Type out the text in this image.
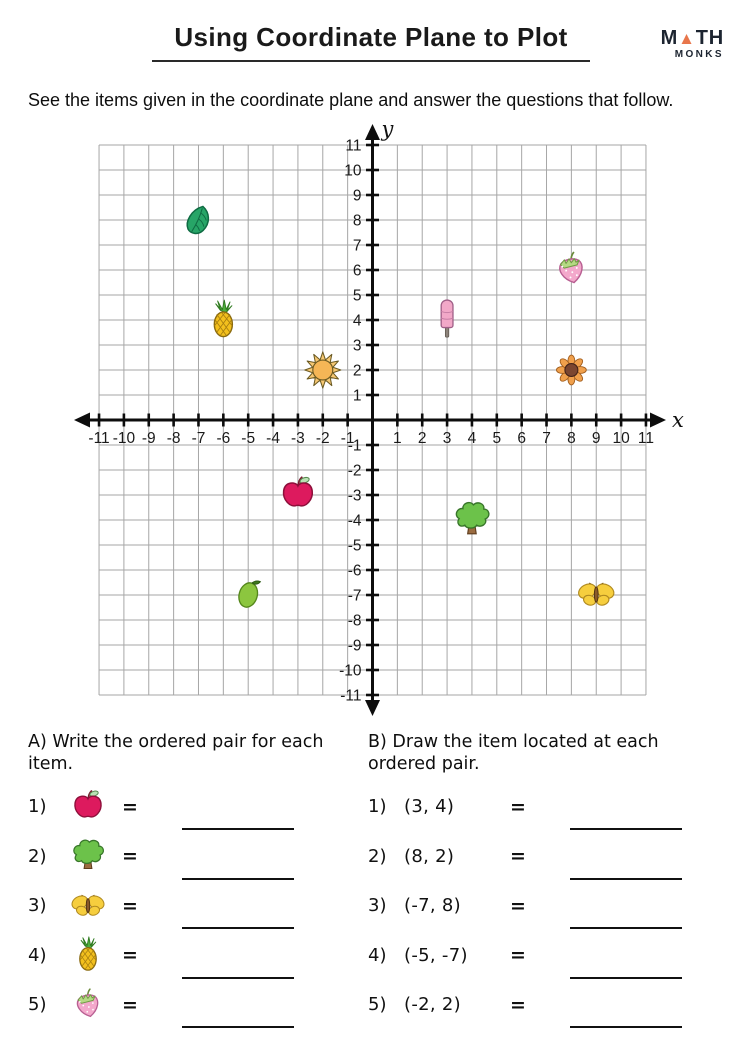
Using Coordinate Plane to Plot	M▲TH
MONKS

See the items given in the coordinate plane and answer the questions that follow.

-11 -10 -9 -8 -7 -6 -5 -4 -3 -2 -1 1 2 3 4 5 6 7 8 9 10 11
11
10
9
8
7
6
5
4
3
2
1
-1
-2
-3
-4
-5
-6
-7
-8
-9
-10
-11
x
y
A) Write the ordered pair for each item.
1)	=
2)	=
3)	=
4)	=
5)	=
B) Draw the item located at each ordered pair.
1) (3, 4)	=
2) (8, 2)	=
3) (-7, 8)	=
4) (-5, -7)	=
5) (-2, 2)	=
